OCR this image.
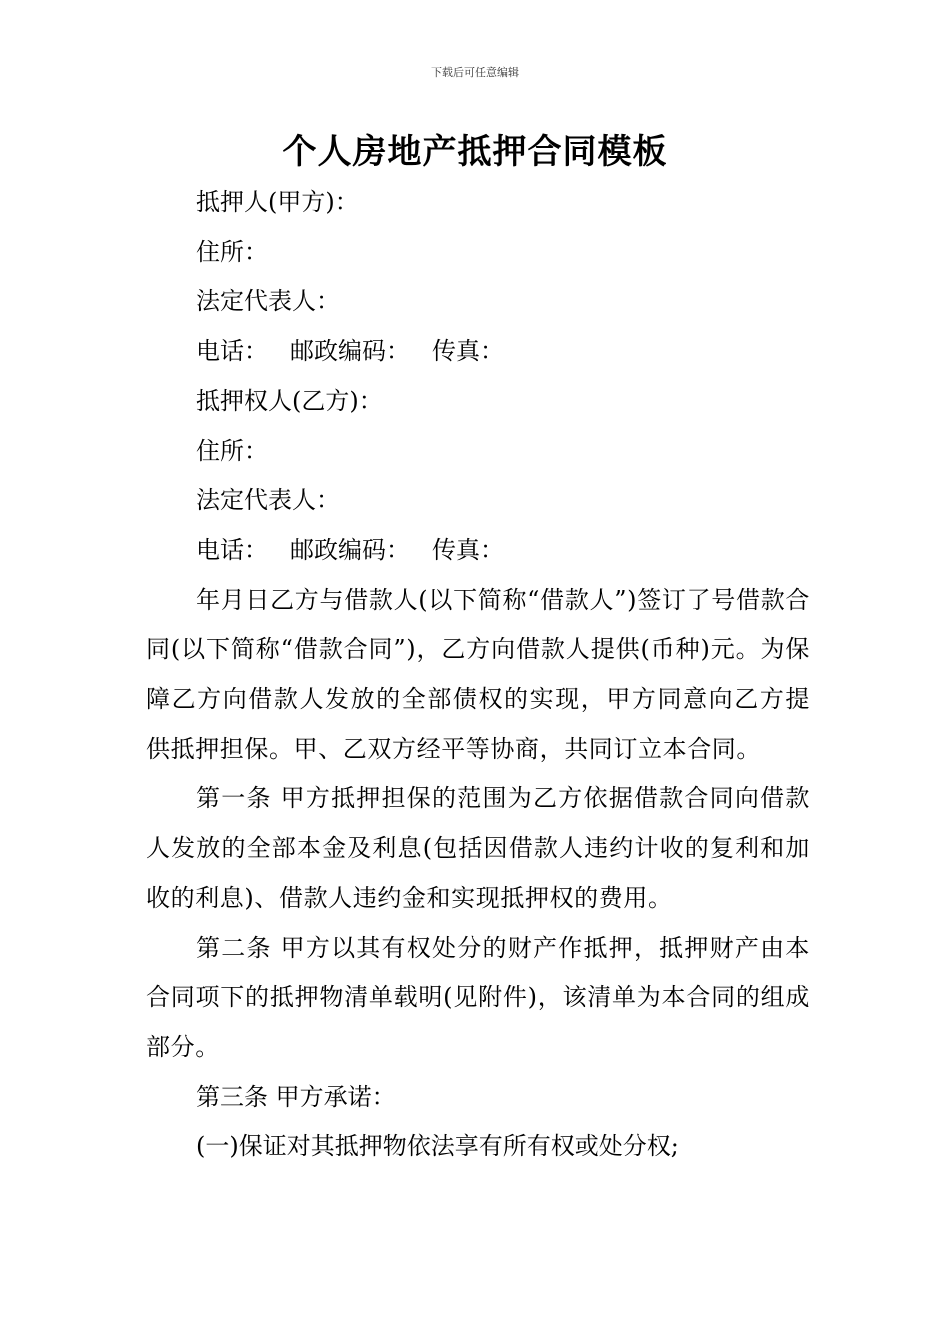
下载后可任意编辑
个人房地产抵押合同模板

抵押人(甲方)：

住所：

法定代表人：

电话： 邮政编码： 传真：

抵押权人(乙方)：

住所：

法定代表人：

电话： 邮政编码： 传真：

年月日乙方与借款人(以下简称“借款人”)签订了号借款合同(以下简称“借款合同”)，乙方向借款人提供(币种)元。为保障乙方向借款人发放的全部债权的实现，甲方同意向乙方提供抵押担保。甲、乙双方经平等协商，共同订立本合同。

第一条 甲方抵押担保的范围为乙方依据借款合同向借款人发放的全部本金及利息(包括因借款人违约计收的复利和加收的利息)、借款人违约金和实现抵押权的费用。

第二条 甲方以其有权处分的财产作抵押，抵押财产由本合同项下的抵押物清单载明(见附件)，该清单为本合同的组成部分。

第三条 甲方承诺：

(一)保证对其抵押物依法享有所有权或处分权;
